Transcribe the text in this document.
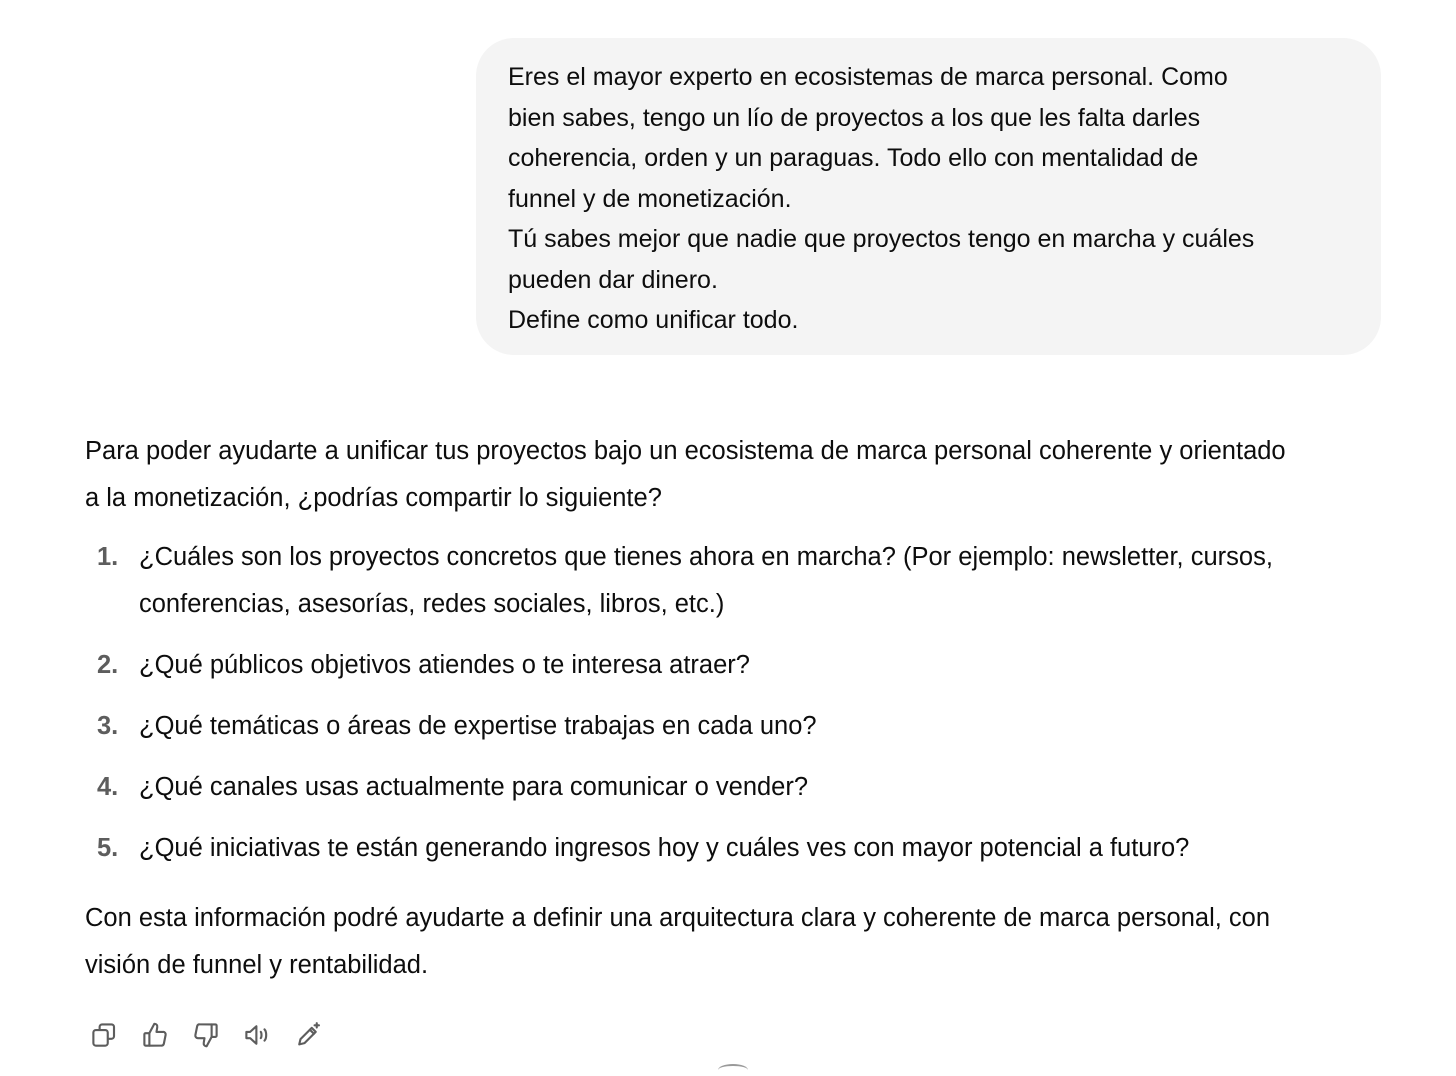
Eres el mayor experto en ecosistemas de marca personal. Como
bien sabes, tengo un lío de proyectos a los que les falta darles
coherencia, orden y un paraguas. Todo ello con mentalidad de
funnel y de monetización.
Tú sabes mejor que nadie que proyectos tengo en marcha y cuáles
pueden dar dinero.
Define como unificar todo.

Para poder ayudarte a unificar tus proyectos bajo un ecosistema de marca personal coherente y orientado
a la monetización, ¿podrías compartir lo siguiente?

1. ¿Cuáles son los proyectos concretos que tienes ahora en marcha? (Por ejemplo: newsletter, cursos,
conferencias, asesorías, redes sociales, libros, etc.)
2. ¿Qué públicos objetivos atiendes o te interesa atraer?
3. ¿Qué temáticas o áreas de expertise trabajas en cada uno?
4. ¿Qué canales usas actualmente para comunicar o vender?
5. ¿Qué iniciativas te están generando ingresos hoy y cuáles ves con mayor potencial a futuro?

Con esta información podré ayudarte a definir una arquitectura clara y coherente de marca personal, con
visión de funnel y rentabilidad.
